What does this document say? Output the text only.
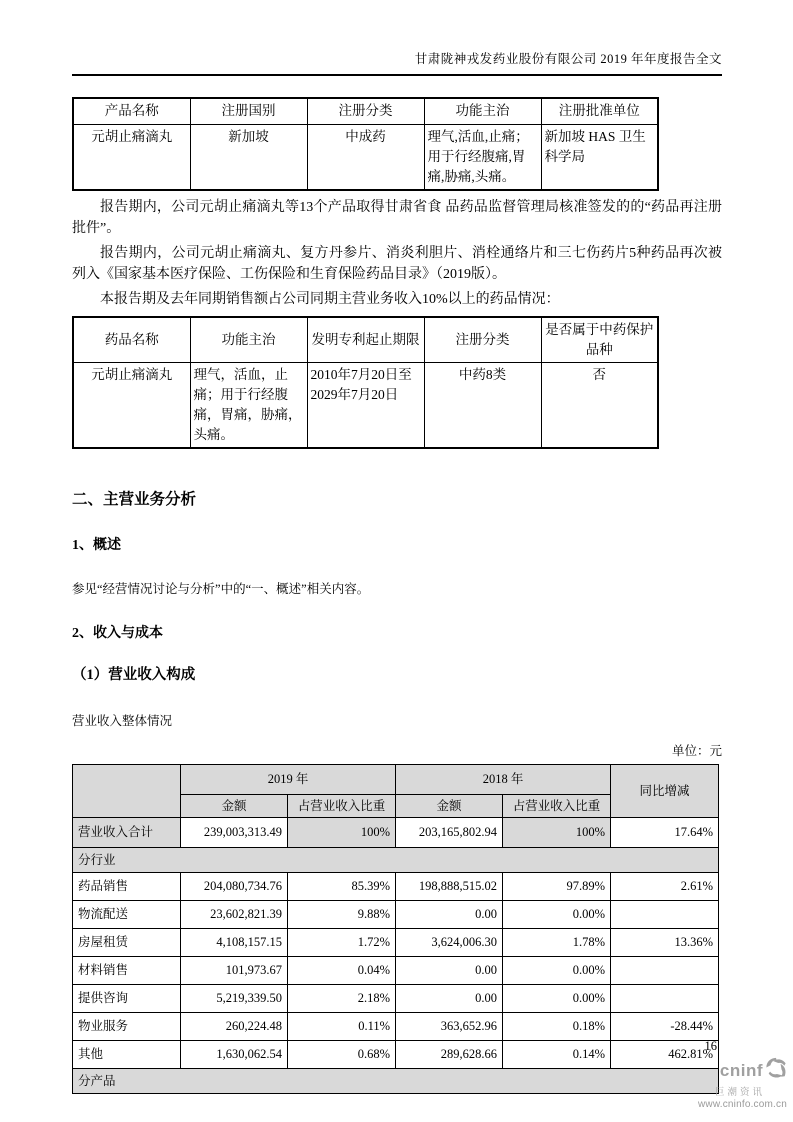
甘肃陇神戎发药业股份有限公司 2019 年年度报告全文
产品名称	注册国别	注册分类	功能主治	注册批准单位
元胡止痛滴丸	新加坡	中成药	理气,活血,止痛；用于行经腹痛,胃痛,胁痛,头痛。	新加坡 HAS 卫生科学局

报告期内，公司元胡止痛滴丸等13个产品取得甘肃省食 品药品监督管理局核准签发的的“药品再注册批件”。

报告期内，公司元胡止痛滴丸、复方丹参片、消炎利胆片、消栓通络片和三七伤药片5种药品再次被列入《国家基本医疗保险、工伤保险和生育保险药品目录》（2019版）。

本报告期及去年同期销售额占公司同期主营业务收入10%以上的药品情况：

药品名称	功能主治	发明专利起止期限	注册分类	是否属于中药保护品种
元胡止痛滴丸	理气，活血，止痛；用于行经腹痛，胃痛，胁痛，头痛。	2010年7月20日至2029年7月20日	中药8类	否
二、主营业务分析
1、概述

参见“经营情况讨论与分析”中的“一、概述”相关内容。

2、收入与成本
（1）营业收入构成

营业收入整体情况

单位：元
	2019 年		2018 年		同比增减
	金额	占营业收入比重	金额	占营业收入比重	
营业收入合计	239,003,313.49	100%	203,165,802.94	100%	17.64%
分行业					
药品销售	204,080,734.76	85.39%	198,888,515.02	97.89%	2.61%
物流配送	23,602,821.39	9.88%	0.00	0.00%	
房屋租赁	4,108,157.15	1.72%	3,624,006.30	1.78%	13.36%
材料销售	101,973.67	0.04%	0.00	0.00%	
提供咨询	5,219,339.50	2.18%	0.00	0.00%	
物业服务	260,224.48	0.11%	363,652.96	0.18%	-28.44%
其他	1,630,062.54	0.68%	289,628.66	0.14%	462.81%
分产品					
16
cninf
巨潮资讯
www.cninfo.com.cn
